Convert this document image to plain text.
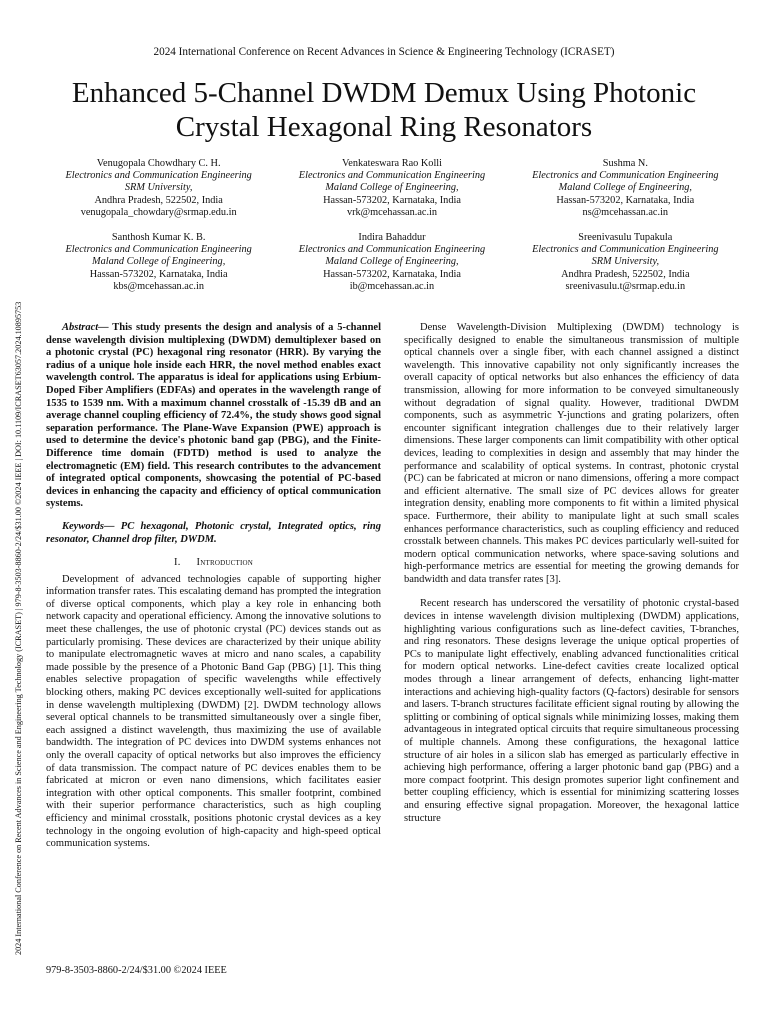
2024 International Conference on Recent Advances in Science & Engineering Technology (ICRASET)
Enhanced 5-Channel DWDM Demux Using Photonic
Crystal Hexagonal Ring Resonators
2024 International Conference on Recent Advances in Science and Engineering Technology (ICRASET) | 979-8-3503-8860-2/24/$31.00 ©2024 IEEE | DOI: 10.1109/ICRASET63057.2024.10895753
Venugopala Chowdhary C. H.
Electronics and Communication Engineering
SRM University,
Andhra Pradesh, 522502, India
venugopala_chowdary@srmap.edu.in
Venkateswara Rao Kolli
Electronics and Communication Engineering
Maland College of Engineering,
Hassan-573202, Karnataka, India
vrk@mcehassan.ac.in
Sushma N.
Electronics and Communication Engineering
Maland College of Engineering,
Hassan-573202, Karnataka, India
ns@mcehassan.ac.in
Santhosh Kumar K. B.
Electronics and Communication Engineering
Maland College of Engineering,
Hassan-573202, Karnataka, India
kbs@mcehassan.ac.in
Indira Bahaddur
Electronics and Communication Engineering
Maland College of Engineering,
Hassan-573202, Karnataka, India
ib@mcehassan.ac.in
Sreenivasulu Tupakula
Electronics and Communication Engineering
SRM University,
Andhra Pradesh, 522502, India
sreenivasulu.t@srmap.edu.in

Abstract— This study presents the design and analysis of a 5-channel dense wavelength division multiplexing (DWDM) demultiplexer based on a photonic crystal (PC) hexagonal ring resonator (HRR). By varying the radius of a unique hole inside each HRR, the novel method enables exact wavelength control. The apparatus is ideal for applications using Erbium-Doped Fiber Amplifiers (EDFAs) and operates in the wavelength range of 1535 to 1539 nm. With a maximum channel crosstalk of -15.39 dB and an average channel coupling efficiency of 72.4%, the study shows good signal separation performance. The Plane-Wave Expansion (PWE) approach is used to determine the device's photonic band gap (PBG), and the Finite-Difference time domain (FDTD) method is used to analyze the electromagnetic (EM) field. This research contributes to the advancement of integrated optical components, showcasing the potential of PC-based devices in enhancing the capacity and efficiency of optical communication systems.

Keywords— PC hexagonal, Photonic crystal, Integrated optics, ring resonator, Channel drop filter, DWDM.

I. Introduction

Development of advanced technologies capable of supporting higher information transfer rates. This escalating demand has prompted the integration of diverse optical components, which play a key role in enhancing both network capacity and operational efficiency. Among the innovative solutions to meet these challenges, the use of photonic crystal (PC) devices stands out as particularly promising. These devices are characterized by their unique ability to manipulate electromagnetic waves at micro and nano scales, a capability made possible by the presence of a Photonic Band Gap (PBG) [1]. This thing enables selective propagation of specific wavelengths while effectively blocking others, making PC devices exceptionally well-suited for applications in dense wavelength multiplexing (DWDM) [2]. DWDM technology allows several optical channels to be transmitted simultaneously over a single fiber, each assigned a distinct wavelength, thus maximizing the use of available bandwidth. The integration of PC devices into DWDM systems enhances not only the overall capacity of optical networks but also improves the efficiency of data transmission. The compact nature of PC devices enables them to be fabricated at micron or even nano dimensions, which facilitates easier integration with other optical components. This smaller footprint, combined with their superior performance characteristics, such as high coupling efficiency and minimal crosstalk, positions photonic crystal devices as a key technology in the ongoing evolution of high-capacity and high-speed optical communication systems.

Dense Wavelength-Division Multiplexing (DWDM) technology is specifically designed to enable the simultaneous transmission of multiple optical channels over a single fiber, with each channel assigned a distinct wavelength. This innovative capability not only significantly increases the overall capacity of optical networks but also enhances the efficiency of data transmission, allowing for more information to be conveyed simultaneously without degradation of signal quality. However, traditional DWDM components, such as asymmetric Y-junctions and grating polarizers, often encounter significant integration challenges due to their relatively larger dimensions. These larger components can limit compatibility with other optical devices, leading to complexities in design and assembly that may hinder the performance and scalability of optical systems. In contrast, photonic crystal (PC) can be fabricated at micron or nano dimensions, offering a more compact and efficient alternative. The small size of PC devices allows for greater integration density, enabling more components to fit within a limited physical space. Furthermore, their ability to manipulate light at such small scales enhances performance characteristics, such as coupling efficiency and reduced crosstalk between channels. This makes PC devices particularly well-suited for modern optical communication networks, where space-saving solutions and high-performance metrics are essential for meeting the growing demands for bandwidth and data transfer rates [3].

Recent research has underscored the versatility of photonic crystal-based devices in intense wavelength division multiplexing (DWDM) applications, highlighting various configurations such as line-defect cavities, T-branches, and ring resonators. These designs leverage the unique optical properties of PCs to manipulate light effectively, enabling advanced functionalities critical for modern optical networks. Line-defect cavities create localized optical modes through a linear arrangement of defects, enhancing light-matter interactions and achieving high-quality factors (Q-factors) desirable for sensors and lasers. T-branch structures facilitate efficient signal routing by allowing the splitting or combining of optical signals while minimizing losses, making them advantageous in integrated optical circuits that require simultaneous processing of multiple channels. Among these configurations, the hexagonal lattice structure of air holes in a silicon slab has emerged as particularly effective in achieving high performance, offering a larger photonic band gap (PBG) and a more compact footprint. This design promotes superior light confinement and better coupling efficiency, which is essential for minimizing scattering losses and ensuring effective signal propagation. Moreover, the hexagonal lattice structure

979-8-3503-8860-2/24/$31.00 ©2024 IEEE
